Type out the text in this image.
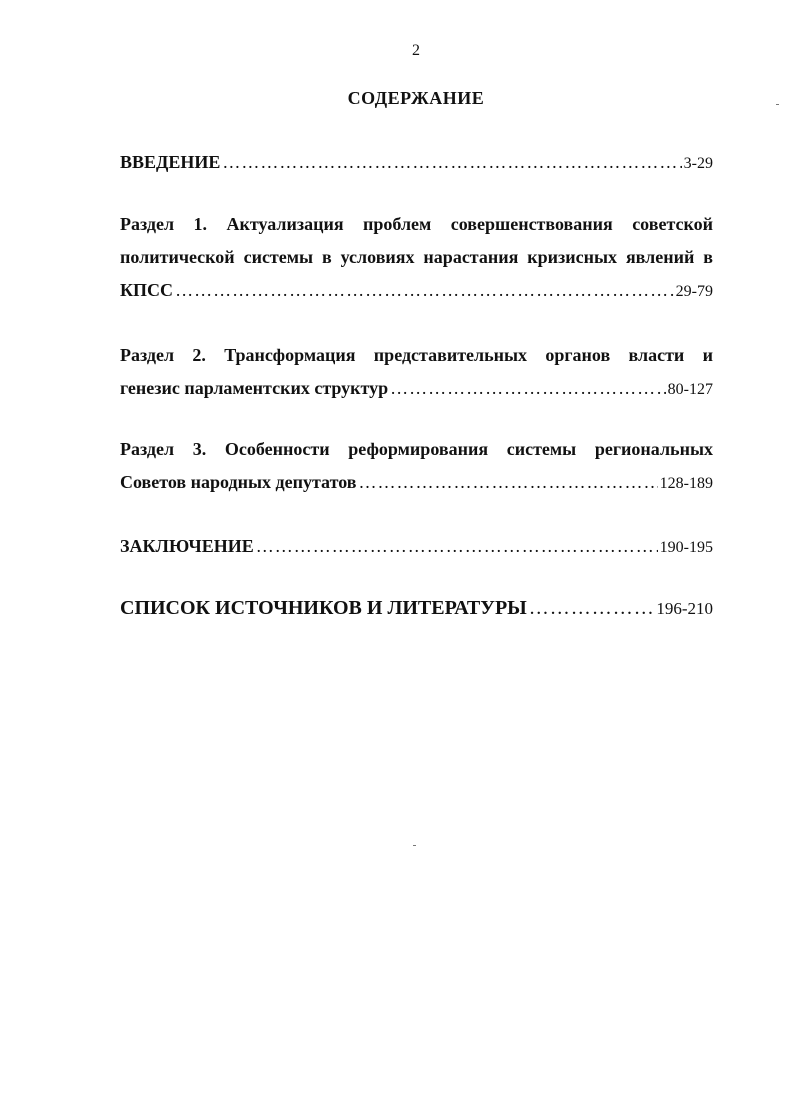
2
СОДЕРЖАНИЕ
ВВЕДЕНИЕ ………………………………………………………………………………………………………………………………………………………………	3-29
Раздел 1. Актуализация проблем совершенствования советской
политической системы в условиях нарастания кризисных явлений в
КПСС ………………………………………………………………………………………………………………………………………………………………	29-79
Раздел 2. Трансформация представительных органов власти и
генезис парламентских структур ………………………………………………………………………………………………………………………………………………………………	80-127
Раздел 3. Особенности реформирования системы региональных
Советов народных депутатов ………………………………………………………………………………………………………………………………………………………………	128-189
ЗАКЛЮЧЕНИЕ ………………………………………………………………………………………………………………………………………………………………	190-195
СПИСОК ИСТОЧНИКОВ И ЛИТЕРАТУРЫ ………………………………………………………………………………………………………………………………………………………………	196-210
